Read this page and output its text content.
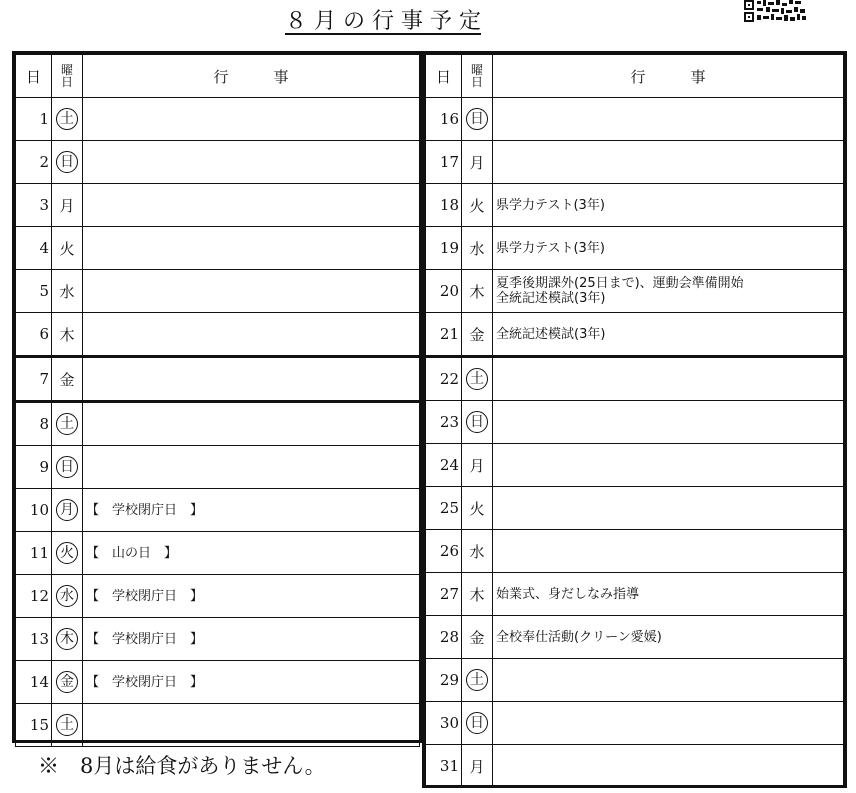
８ 月 の 行 事 予 定
日	曜
日	行　　　事
1	土	
2	日	
3	月	
4	火	
5	水	
6	木	
7	金	
8	土	
9	日	
10	月	【　学校閉庁日　】
11	火	【　山の日　】
12	水	【　学校閉庁日　】
13	木	【　学校閉庁日　】
14	金	【　学校閉庁日　】
15	土	
日	曜
日	行　　　事
16	日	
17	月	
18	火	県学力テスト(3年)
19	水	県学力テスト(3年)
20	木	夏季後期課外(25日まで)、運動会準備開始
全統記述模試(3年)
21	金	全統記述模試(3年)
22	土	
23	日	
24	月	
25	火	
26	水	
27	木	始業式、身だしなみ指導
28	金	全校奉仕活動(クリーン愛媛)
29	土	
30	日	
31	月	
※　8月は給食がありません。
